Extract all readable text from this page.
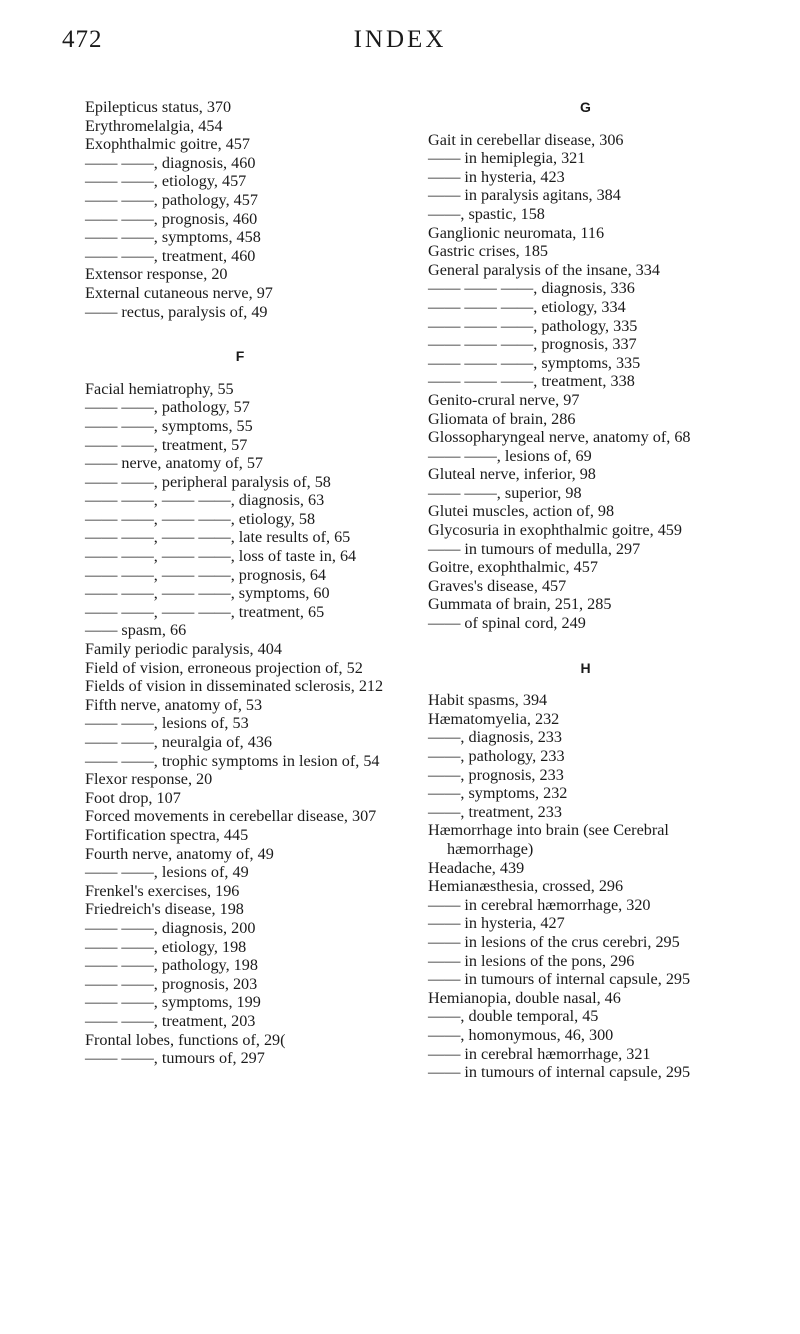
472	INDEX

Epilepticus status, 370

Erythromelalgia, 454

Exophthalmic goitre, 457

—— ——, diagnosis, 460

—— ——, etiology, 457

—— ——, pathology, 457

—— ——, prognosis, 460

—— ——, symptoms, 458

—— ——, treatment, 460

Extensor response, 20

External cutaneous nerve, 97

—— rectus, paralysis of, 49

F

Facial hemiatrophy, 55

—— ——, pathology, 57

—— ——, symptoms, 55

—— ——, treatment, 57

—— nerve, anatomy of, 57

—— ——, peripheral paralysis of, 58

—— ——, —— ——, diagnosis, 63

—— ——, —— ——, etiology, 58

—— ——, —— ——, late results of, 65

—— ——, —— ——, loss of taste in, 64

—— ——, —— ——, prognosis, 64

—— ——, —— ——, symptoms, 60

—— ——, —— ——, treatment, 65

—— spasm, 66

Family periodic paralysis, 404

Field of vision, erroneous projection of, 52

Fields of vision in disseminated sclerosis, 212

Fifth nerve, anatomy of, 53

—— ——, lesions of, 53

—— ——, neuralgia of, 436

—— ——, trophic symptoms in lesion of, 54

Flexor response, 20

Foot drop, 107

Forced movements in cerebellar disease, 307

Fortification spectra, 445

Fourth nerve, anatomy of, 49

—— ——, lesions of, 49

Frenkel's exercises, 196

Friedreich's disease, 198

—— ——, diagnosis, 200

—— ——, etiology, 198

—— ——, pathology, 198

—— ——, prognosis, 203

—— ——, symptoms, 199

—— ——, treatment, 203

Frontal lobes, functions of, 29(

—— ——, tumours of, 297

G

Gait in cerebellar disease, 306

—— in hemiplegia, 321

—— in hysteria, 423

—— in paralysis agitans, 384

——, spastic, 158

Ganglionic neuromata, 116

Gastric crises, 185

General paralysis of the insane, 334

—— —— ——, diagnosis, 336

—— —— ——, etiology, 334

—— —— ——, pathology, 335

—— —— ——, prognosis, 337

—— —— ——, symptoms, 335

—— —— ——, treatment, 338

Genito-crural nerve, 97

Gliomata of brain, 286

Glossopharyngeal nerve, anatomy of, 68

—— ——, lesions of, 69

Gluteal nerve, inferior, 98

—— ——, superior, 98

Glutei muscles, action of, 98

Glycosuria in exophthalmic goitre, 459

—— in tumours of medulla, 297

Goitre, exophthalmic, 457

Graves's disease, 457

Gummata of brain, 251, 285

—— of spinal cord, 249

H

Habit spasms, 394

Hæmatomyelia, 232

——, diagnosis, 233

——, pathology, 233

——, prognosis, 233

——, symptoms, 232

——, treatment, 233

Hæmorrhage into brain (see Cerebral hæmorrhage)

Headache, 439

Hemianæsthesia, crossed, 296

—— in cerebral hæmorrhage, 320

—— in hysteria, 427

—— in lesions of the crus cerebri, 295

—— in lesions of the pons, 296

—— in tumours of internal capsule, 295

Hemianopia, double nasal, 46

——, double temporal, 45

——, homonymous, 46, 300

—— in cerebral hæmorrhage, 321

—— in tumours of internal capsule, 295
